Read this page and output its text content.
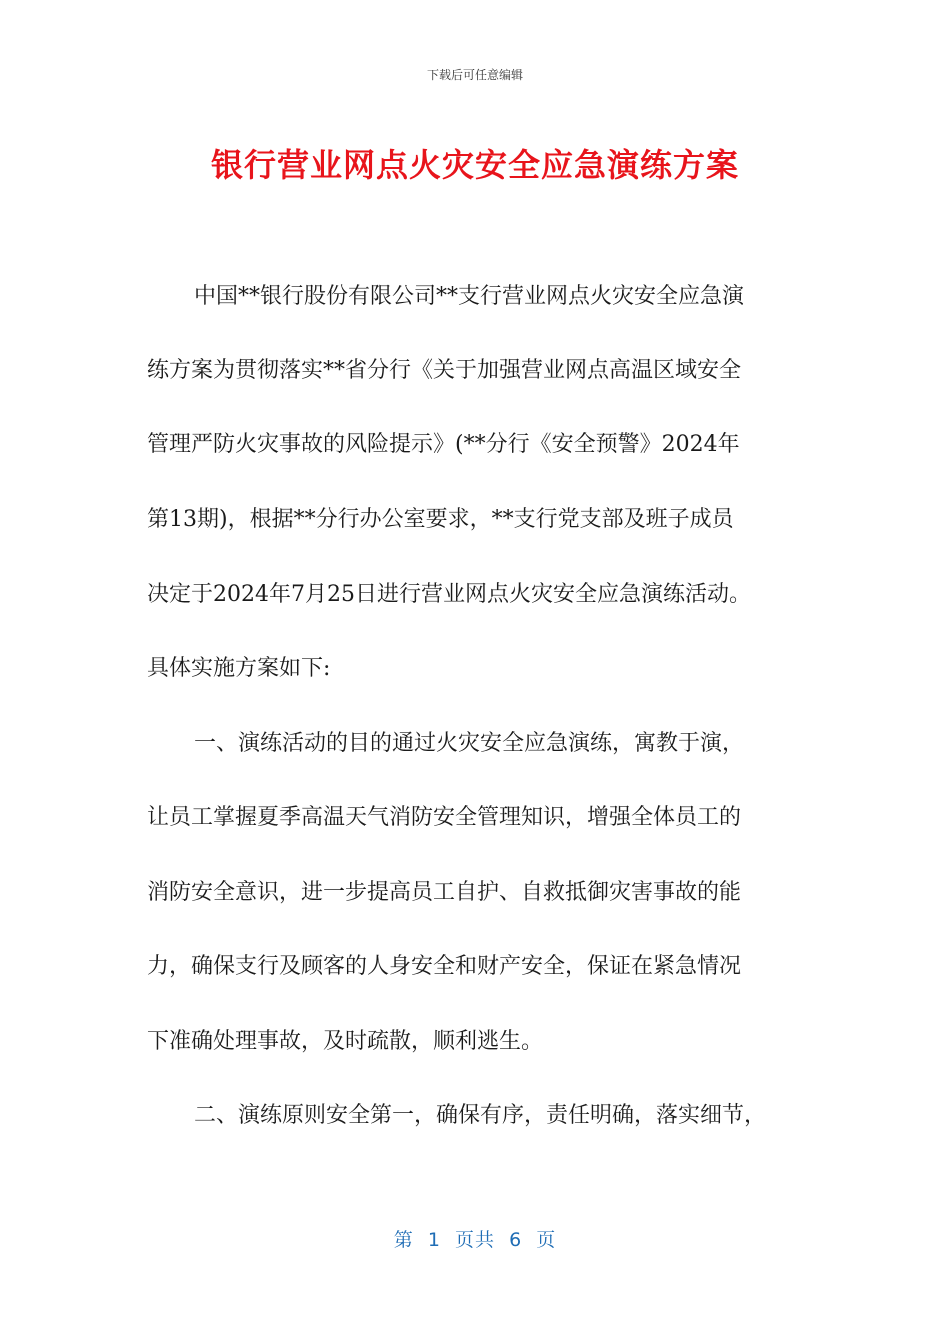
下载后可任意编辑
银行营业网点火灾安全应急演练方案
中国**银行股份有限公司**支行营业网点火灾安全应急演
练方案为贯彻落实**省分行《关于加强营业网点高温区域安全
管理严防火灾事故的风险提示》(**分行《安全预警》2024年
第13期)，根据**分行办公室要求，**支行党支部及班子成员
决定于2024年7月25日进行营业网点火灾安全应急演练活动。
具体实施方案如下:
一、演练活动的目的通过火灾安全应急演练，寓教于演，
让员工掌握夏季高温天气消防安全管理知识，增强全体员工的
消防安全意识，进一步提高员工自护、自救抵御灾害事故的能
力，确保支行及顾客的人身安全和财产安全，保证在紧急情况
下准确处理事故，及时疏散，顺利逃生。
二、演练原则安全第一，确保有序，责任明确，落实细节，
第  1  页共  6  页
